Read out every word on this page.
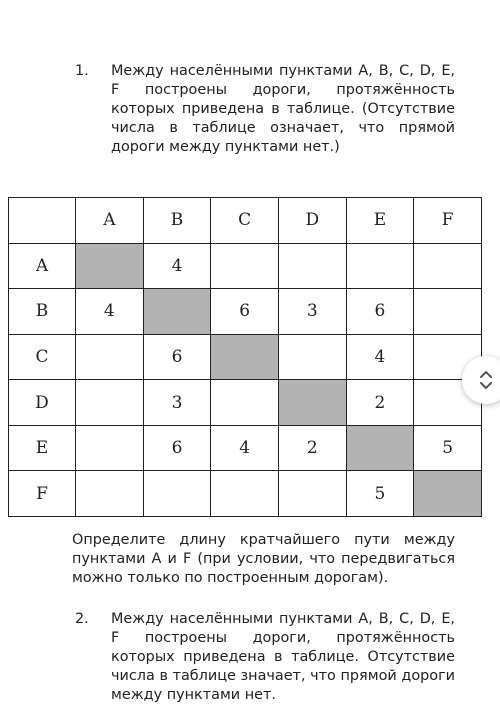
1. Между населёнными пунктами A, B, C, D, E, F построены дороги, протяжённость которых приведена в таблице. (Отсутствие числа в таблице означает, что прямой дороги между пунктами нет.)
	A	B	C	D	E	F
A		4				
B	4		6	3	6	
C		6			4	
D		3			2	
E		6	4	2		5
F					5	
Определите длину кратчайшего пути между пунктами A и F (при условии, что передвигаться можно только по построенным дорогам).
2. Между населёнными пунктами A, B, C, D, E, F построены дороги, протяжённость которых приведена в таблице. Отсутствие числа в таблице значает, что прямой дороги между пунктами нет.
